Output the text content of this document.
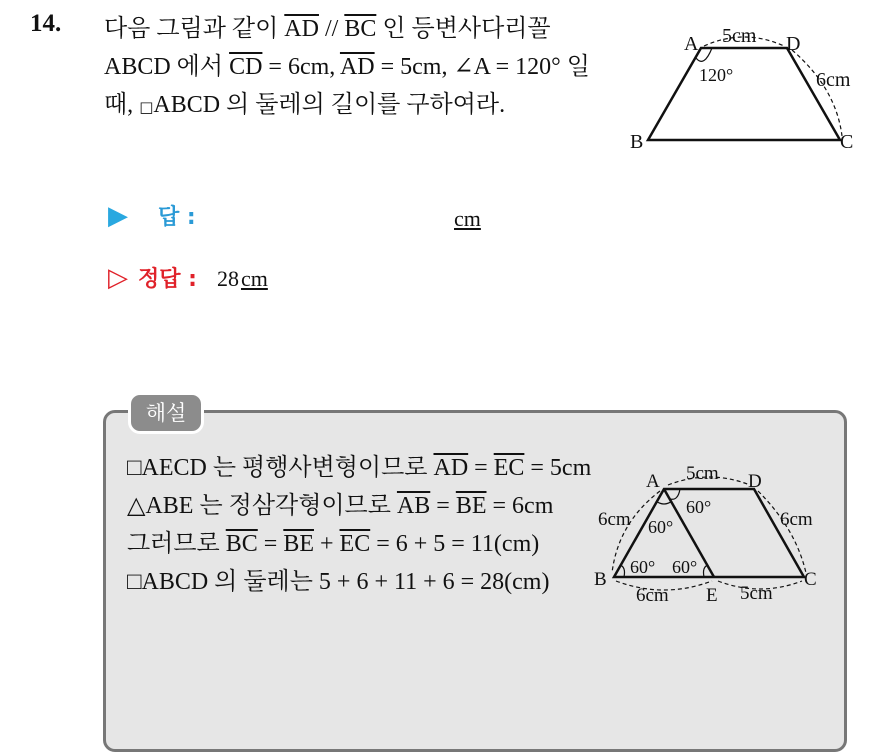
14. 다음 그림과 같이 $\overline{AD} // \overline{BC}$ 인 등변사다리꼴 ABCD 에서 $\overline{CD} = 6cm$, $\overline{AD} = 5cm$, ∠A = 120° 일 때, □ABCD 의 둘레의 길이를 구하여라.
A	D
B	C
5cm
6cm
120°
▶ 답 :	cm
▷ 정답 : 28cm
해설
□AECD 는 평행사변형이므로 $\overline{AD} = \overline{EC} = 5cm$
△ABE 는 정삼각형이므로 $\overline{AB} = \overline{BE} = 6cm$
그러므로 $\overline{BC} = \overline{BE} + \overline{EC} = 6 + 5 = 11(cm)$
□ABCD 의 둘레는 5 + 6 + 11 + 6 = 28(cm)
A	D
B	C
E
5cm
6cm	6cm
6cm	5cm
60°
60°
60° 60°
